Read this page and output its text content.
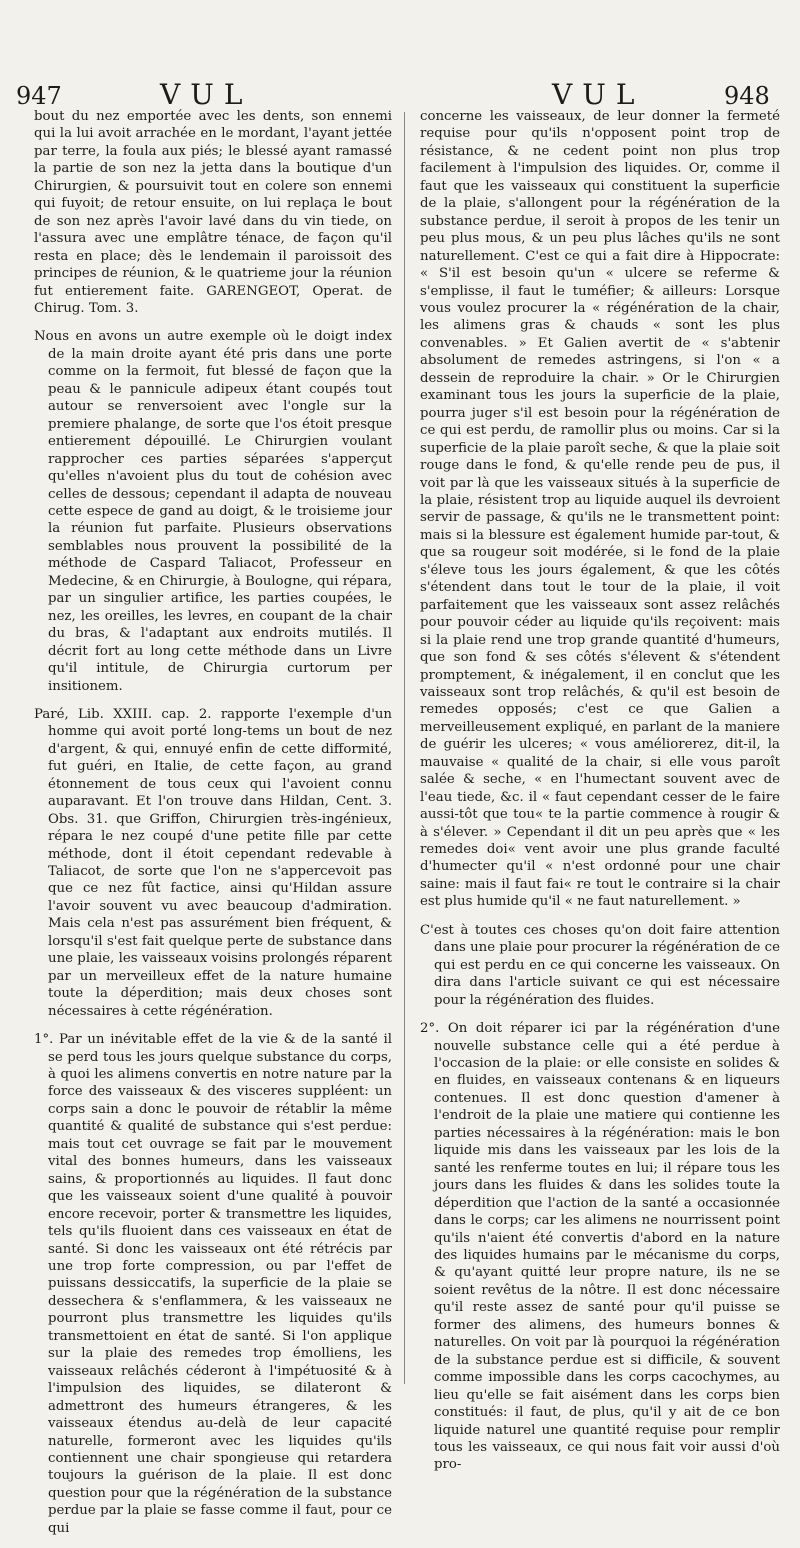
947	VUL	VUL	948

bout du nez emportée avec les dents, son ennemi qui la lui avoit arrachée en le mordant, l'ayant jettée par terre, la foula aux piés; le blessé ayant ramassé la partie de son nez la jetta dans la boutique d'un Chirurgien, & poursuivit tout en colere son ennemi qui fuyoit; de retour ensuite, on lui replaça le bout de son nez après l'avoir lavé dans du vin tiede, on l'assura avec une emplâtre ténace, de façon qu'il resta en place; dès le lendemain il paroissoit des principes de réunion, & le quatrieme jour la réunion fut entierement faite. GARENGEOT, Operat. de Chirug. Tom. 3.

Nous en avons un autre exemple où le doigt index de la main droite ayant été pris dans une porte comme on la fermoit, fut blessé de façon que la peau & le pannicule adipeux étant coupés tout autour se renversoient avec l'ongle sur la premiere phalange, de sorte que l'os étoit presque entierement dépouillé. Le Chirurgien voulant rapprocher ces parties séparées s'apperçut qu'elles n'avoient plus du tout de cohésion avec celles de dessous; cependant il adapta de nouveau cette espece de gand au doigt, & le troisieme jour la réunion fut parfaite. Plusieurs observations semblables nous prouvent la possibilité de la méthode de Caspard Taliacot, Professeur en Medecine, & en Chirurgie, à Boulogne, qui répara, par un singulier artifice, les parties coupées, le nez, les oreilles, les levres, en coupant de la chair du bras, & l'adaptant aux endroits mutilés. Il décrit fort au long cette méthode dans un Livre qu'il intitule, de Chirurgia curtorum per insitionem.

Paré, Lib. XXIII. cap. 2. rapporte l'exemple d'un homme qui avoit porté long-tems un bout de nez d'argent, & qui, ennuyé enfin de cette difformité, fut guéri, en Italie, de cette façon, au grand étonnement de tous ceux qui l'avoient connu auparavant. Et l'on trouve dans Hildan, Cent. 3. Obs. 31. que Griffon, Chirurgien très-ingénieux, répara le nez coupé d'une petite fille par cette méthode, dont il étoit cependant redevable à Taliacot, de sorte que l'on ne s'appercevoit pas que ce nez fût factice, ainsi qu'Hildan assure l'avoir souvent vu avec beaucoup d'admiration. Mais cela n'est pas assurément bien fréquent, & lorsqu'il s'est fait quelque perte de substance dans une plaie, les vaisseaux voisins prolongés réparent par un merveilleux effet de la nature humaine toute la déperdition; mais deux choses sont nécessaires à cette régénération.

1°. Par un inévitable effet de la vie & de la santé il se perd tous les jours quelque substance du corps, à quoi les alimens convertis en notre nature par la force des vaisseaux & des visceres suppléent: un corps sain a donc le pouvoir de rétablir la même quantité & qualité de substance qui s'est perdue: mais tout cet ouvrage se fait par le mouvement vital des bonnes humeurs, dans les vaisseaux sains, & proportionnés au liquides. Il faut donc que les vaisseaux soient d'une qualité à pouvoir encore recevoir, porter & transmettre les liquides, tels qu'ils fluoient dans ces vaisseaux en état de santé. Si donc les vaisseaux ont été rétrécis par une trop forte compression, ou par l'effet de puissans dessiccatifs, la superficie de la plaie se dessechera & s'enflammera, & les vaisseaux ne pourront plus transmettre les liquides qu'ils transmettoient en état de santé. Si l'on applique sur la plaie des remedes trop émolliens, les vaisseaux relâchés céderont à l'impétuosité & à l'impulsion des liquides, se dilateront & admettront des humeurs étrangeres, & les vaisseaux étendus au-delà de leur capacité naturelle, formeront avec les liquides qu'ils contiennent une chair spongieuse qui retardera toujours la guérison de la plaie. Il est donc question pour que la régénération de la substance perdue par la plaie se fasse comme il faut, pour ce qui

concerne les vaisseaux, de leur donner la fermeté requise pour qu'ils n'opposent point trop de résistance, & ne cedent point non plus trop facilement à l'impulsion des liquides. Or, comme il faut que les vaisseaux qui constituent la superficie de la plaie, s'allongent pour la régénération de la substance perdue, il seroit à propos de les tenir un peu plus mous, & un peu plus lâches qu'ils ne sont naturellement. C'est ce qui a fait dire à Hippocrate: « S'il est besoin qu'un « ulcere se referme & s'emplisse, il faut le tuméfier; & ailleurs: Lorsque vous voulez procurer la « régénération de la chair, les alimens gras & chauds « sont les plus convenables. » Et Galien avertit de « s'abtenir absolument de remedes astringens, si l'on « a dessein de reproduire la chair. » Or le Chirurgien examinant tous les jours la superficie de la plaie, pourra juger s'il est besoin pour la régénération de ce qui est perdu, de ramollir plus ou moins. Car si la superficie de la plaie paroît seche, & que la plaie soit rouge dans le fond, & qu'elle rende peu de pus, il voit par là que les vaisseaux situés à la superficie de la plaie, résistent trop au liquide auquel ils devroient servir de passage, & qu'ils ne le transmettent point: mais si la blessure est également humide par-tout, & que sa rougeur soit modérée, si le fond de la plaie s'éleve tous les jours également, & que les côtés s'étendent dans tout le tour de la plaie, il voit parfaitement que les vaisseaux sont assez relâchés pour pouvoir céder au liquide qu'ils reçoivent: mais si la plaie rend une trop grande quantité d'humeurs, que son fond & ses côtés s'élevent & s'étendent promptement, & inégalement, il en conclut que les vaisseaux sont trop relâchés, & qu'il est besoin de remedes opposés; c'est ce que Galien a merveilleusement expliqué, en parlant de la maniere de guérir les ulceres; « vous améliorerez, dit-il, la mauvaise « qualité de la chair, si elle vous paroît salée & seche, « en l'humectant souvent avec de l'eau tiede, &c. il « faut cependant cesser de le faire aussi-tôt que tou« te la partie commence à rougir & à s'élever. » Cependant il dit un peu après que « les remedes doi« vent avoir une plus grande faculté d'humecter qu'il « n'est ordonné pour une chair saine: mais il faut fai« re tout le contraire si la chair est plus humide qu'il « ne faut naturellement. »

C'est à toutes ces choses qu'on doit faire attention dans une plaie pour procurer la régénération de ce qui est perdu en ce qui concerne les vaisseaux. On dira dans l'article suivant ce qui est nécessaire pour la régénération des fluides.

2°. On doit réparer ici par la régénération d'une nouvelle substance celle qui a été perdue à l'occasion de la plaie: or elle consiste en solides & en fluides, en vaisseaux contenans & en liqueurs contenues. Il est donc question d'amener à l'endroit de la plaie une matiere qui contienne les parties nécessaires à la régénération: mais le bon liquide mis dans les vaisseaux par les lois de la santé les renferme toutes en lui; il répare tous les jours dans les fluides & dans les solides toute la déperdition que l'action de la santé a occasionnée dans le corps; car les alimens ne nourrissent point qu'ils n'aient été convertis d'abord en la nature des liquides humains par le mécanisme du corps, & qu'ayant quitté leur propre nature, ils ne se soient revêtus de la nôtre. Il est donc nécessaire qu'il reste assez de santé pour qu'il puisse se former des alimens, des humeurs bonnes & naturelles. On voit par là pourquoi la régénération de la substance perdue est si difficile, & souvent comme impossible dans les corps cacochymes, au lieu qu'elle se fait aisément dans les corps bien constitués: il faut, de plus, qu'il y ait de ce bon liquide naturel une quantité requise pour remplir tous les vaisseaux, ce qui nous fait voir aussi d'où pro-
